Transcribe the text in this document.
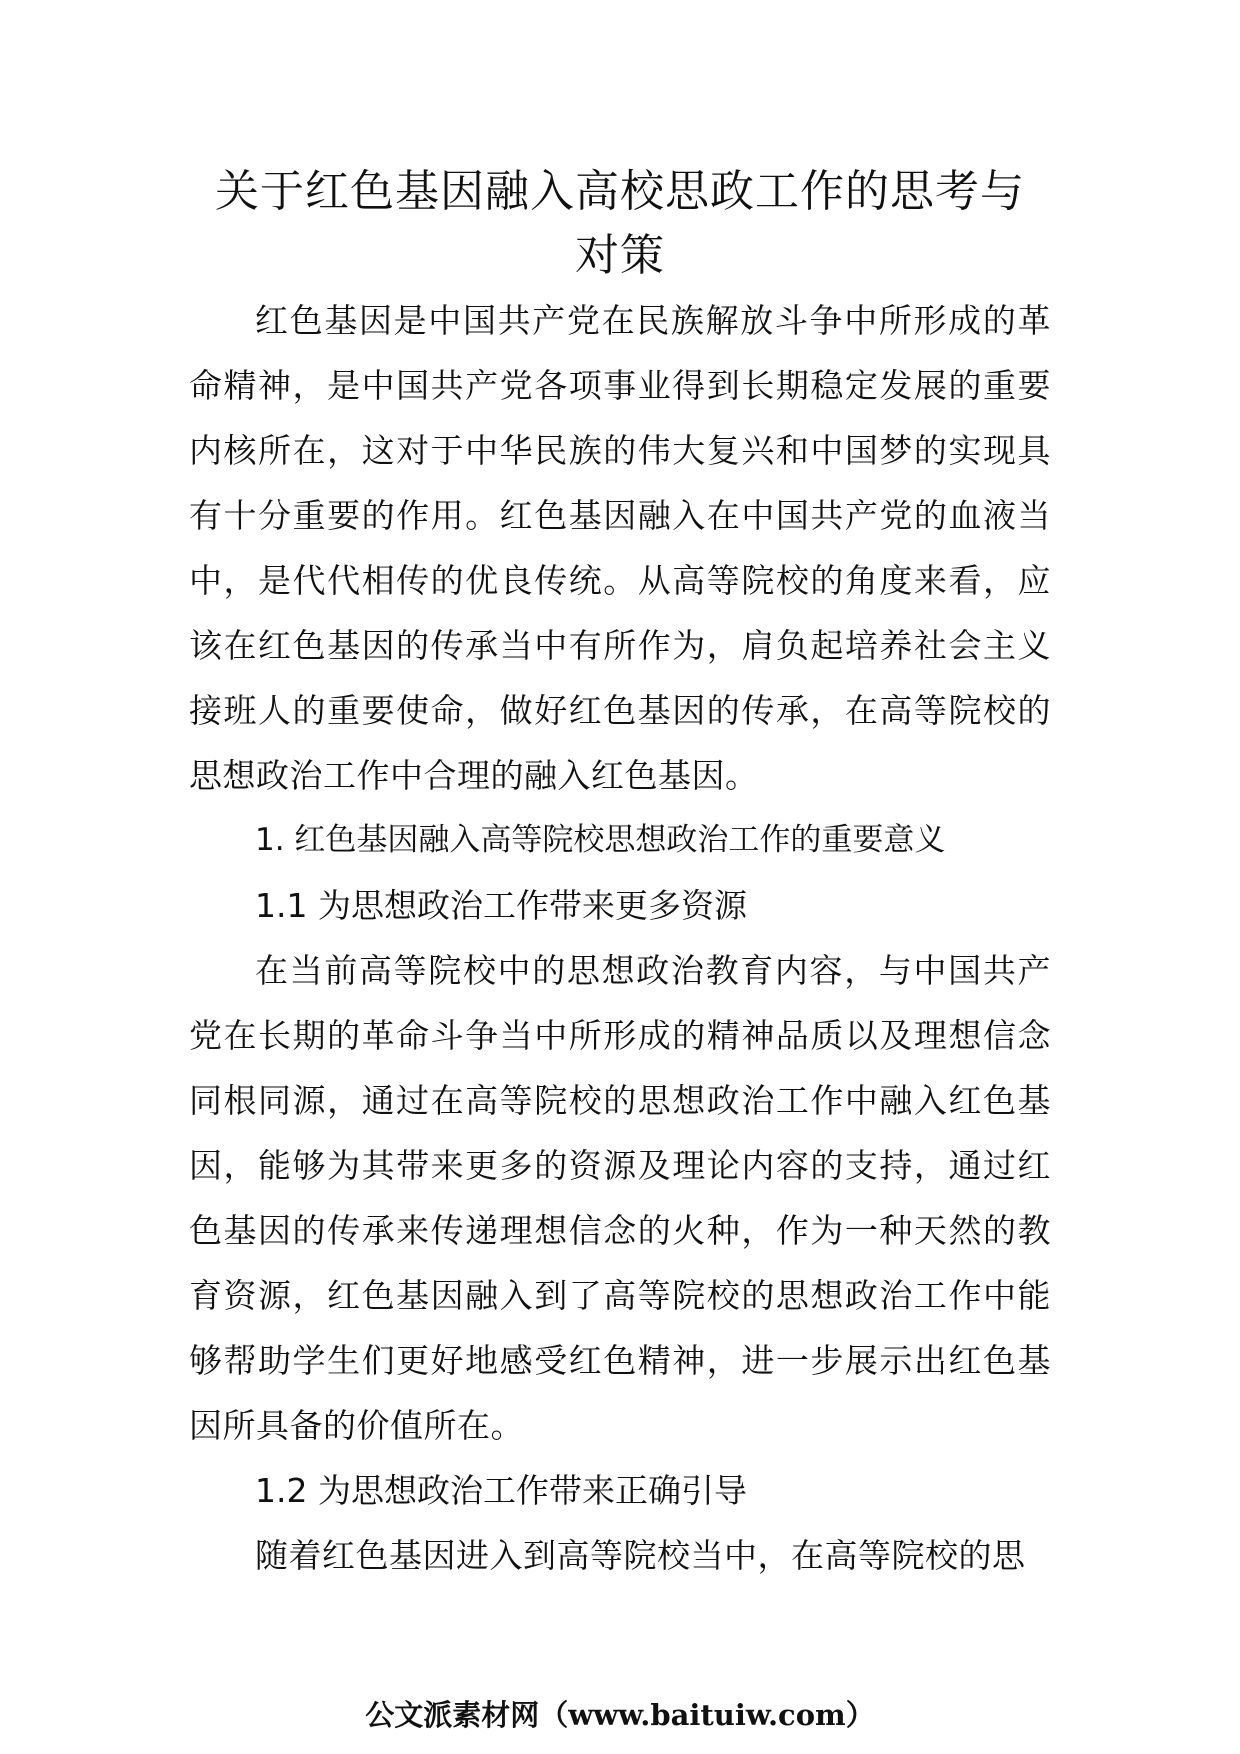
关于红色基因融入高校思政工作的思考与
对策

红色基因是中国共产党在民族解放斗争中所形成的革命精神，是中国共产党各项事业得到长期稳定发展的重要内核所在，这对于中华民族的伟大复兴和中国梦的实现具有十分重要的作用。红色基因融入在中国共产党的血液当中，是代代相传的优良传统。从高等院校的角度来看，应该在红色基因的传承当中有所作为，肩负起培养社会主义接班人的重要使命，做好红色基因的传承，在高等院校的思想政治工作中合理的融入红色基因。

1. 红色基因融入高等院校思想政治工作的重要意义

1.1 为思想政治工作带来更多资源

在当前高等院校中的思想政治教育内容，与中国共产党在长期的革命斗争当中所形成的精神品质以及理想信念同根同源，通过在高等院校的思想政治工作中融入红色基因，能够为其带来更多的资源及理论内容的支持，通过红色基因的传承来传递理想信念的火种，作为一种天然的教育资源，红色基因融入到了高等院校的思想政治工作中能够帮助学生们更好地感受红色精神，进一步展示出红色基因所具备的价值所在。

1.2 为思想政治工作带来正确引导

随着红色基因进入到高等院校当中，在高等院校的思

公文派素材网（www.baituiw.com）
